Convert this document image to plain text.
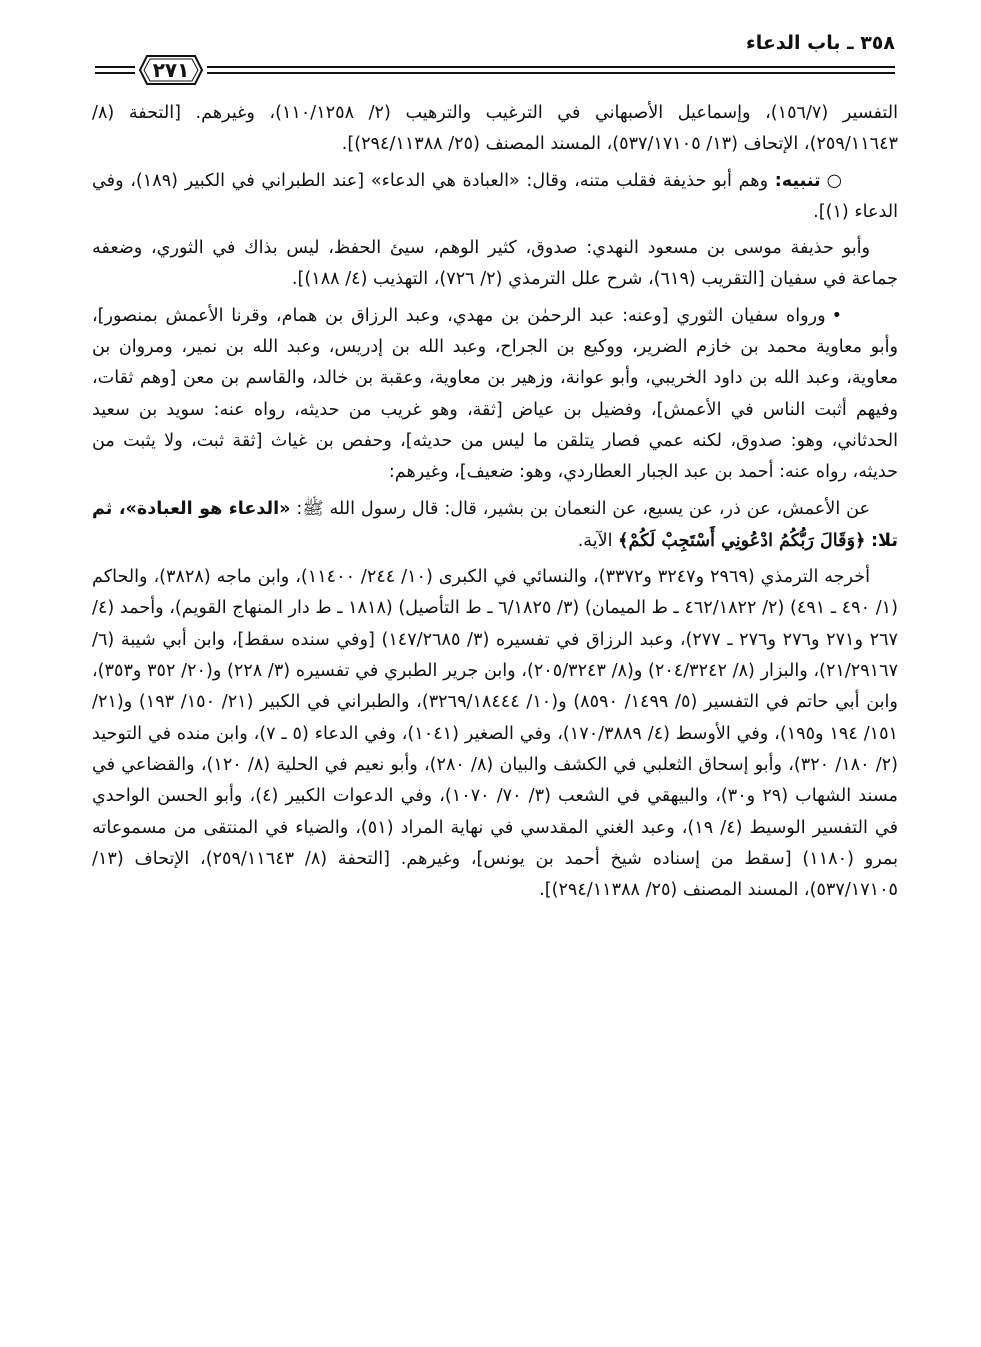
٣٥٨ ـ باب الدعاء
٢٧١

التفسير (١٥٦/٧)، وإسماعيل الأصبهاني في الترغيب والترهيب (٢/ ١١٠/١٢٥٨)، وغيرهم. [التحفة (٨/ ٢٥٩/١١٦٤٣)، الإتحاف (١٣/ ٥٣٧/١٧١٠٥)، المسند المصنف (٢٥/ ٢٩٤/١١٣٨٨)].

○تنبيه: وهم أبو حذيفة فقلب متنه، وقال: «العبادة هي الدعاء» [عند الطبراني في الكبير (١٨٩)، وفي الدعاء (١)].

وأبو حذيفة موسى بن مسعود النهدي: صدوق، كثير الوهم، سيئ الحفظ، ليس بذاك في الثوري، وضعفه جماعة في سفيان [التقريب (٦١٩)، شرح علل الترمذي (٢/ ٧٢٦)، التهذيب (٤/ ١٨٨)].

•ورواه سفيان الثوري [وعنه: عبد الرحمٰن بن مهدي، وعبد الرزاق بن همام، وقرنا الأعمش بمنصور]، وأبو معاوية محمد بن خازم الضرير، ووكيع بن الجراح، وعبد الله بن إدريس، وعبد الله بن نمير، ومروان بن معاوية، وعبد الله بن داود الخريبي، وأبو عوانة، وزهير بن معاوية، وعقبة بن خالد، والقاسم بن معن [وهم ثقات، وفيهم أثبت الناس في الأعمش]، وفضيل بن عياض [ثقة، وهو غريب من حديثه، رواه عنه: سويد بن سعيد الحدثاني، وهو: صدوق، لكنه عمي فصار يتلقن ما ليس من حديثه]، وحفص بن غياث [ثقة ثبت، ولا يثبت من حديثه، رواه عنه: أحمد بن عبد الجبار العطاردي، وهو: ضعيف]، وغيرهم:

عن الأعمش، عن ذر، عن يسيع، عن النعمان بن بشير، قال: قال رسول الله ﷺ: «الدعاء هو العبادة»، ثم تلا: ﴿وَقَالَ رَبُّكُمُ ادْعُونِي أَسْتَجِبْ لَكُمْ﴾ الآية.

أخرجه الترمذي (٢٩٦٩ و٣٢٤٧ و٣٣٧٢)، والنسائي في الكبرى (١٠/ ٢٤٤/ ١١٤٠٠)، وابن ماجه (٣٨٢٨)، والحاكم (١/ ٤٩٠ ـ ٤٩١) (٢/ ٤٦٢/١٨٢٢ ـ ط الميمان) (٣/ ٦/١٨٢٥ ـ ط التأصيل) (١٨١٨ ـ ط دار المنهاج القويم)، وأحمد (٤/ ٢٦٧ و٢٧١ و٢٧٦ و٢٧٦ ـ ٢٧٧)، وعبد الرزاق في تفسيره (٣/ ١٤٧/٢٦٨٥) [وفي سنده سقط]، وابن أبي شيبة (٦/ ٢١/٢٩١٦٧)، والبزار (٨/ ٢٠٤/٣٢٤٢) و(٨/ ٢٠٥/٣٢٤٣)، وابن جرير الطبري في تفسيره (٣/ ٢٢٨) و(٢٠/ ٣٥٢ و٣٥٣)، وابن أبي حاتم في التفسير (٥/ ١٤٩٩/ ٨٥٩٠) و(١٠/ ٣٢٦٩/١٨٤٤٤)، والطبراني في الكبير (٢١/ ١٥٠/ ١٩٣) و(٢١/ ١٥١/ ١٩٤ و١٩٥)، وفي الأوسط (٤/ ١٧٠/٣٨٨٩)، وفي الصغير (١٠٤١)، وفي الدعاء (٥ ـ ٧)، وابن منده في التوحيد (٢/ ١٨٠/ ٣٢٠)، وأبو إسحاق الثعلبي في الكشف والبيان (٨/ ٢٨٠)، وأبو نعيم في الحلية (٨/ ١٢٠)، والقضاعي في مسند الشهاب (٢٩ و٣٠)، والبيهقي في الشعب (٣/ ٧٠/ ١٠٧٠)، وفي الدعوات الكبير (٤)، وأبو الحسن الواحدي في التفسير الوسيط (٤/ ١٩)، وعبد الغني المقدسي في نهاية المراد (٥١)، والضياء في المنتقى من مسموعاته بمرو (١١٨٠) [سقط من إسناده شيخ أحمد بن يونس]، وغيرهم. [التحفة (٨/ ٢٥٩/١١٦٤٣)، الإتحاف (١٣/ ٥٣٧/١٧١٠٥)، المسند المصنف (٢٥/ ٢٩٤/١١٣٨٨)].
